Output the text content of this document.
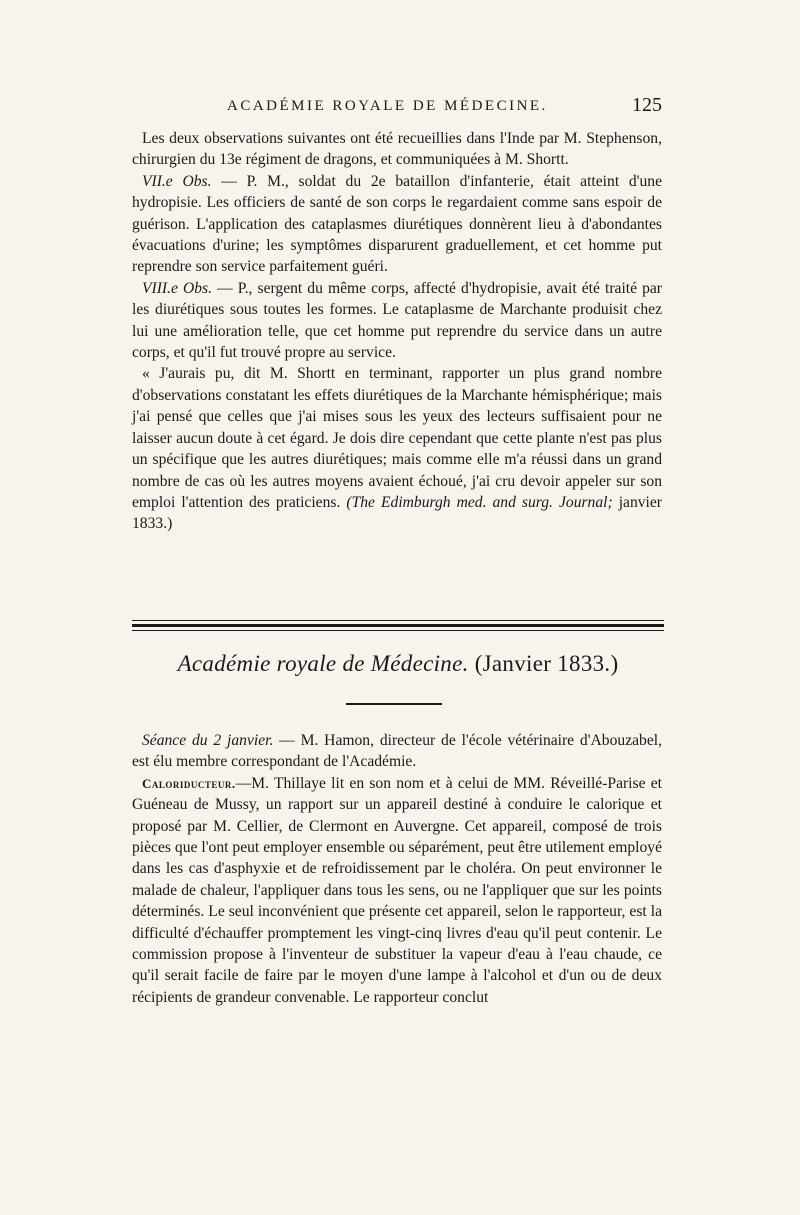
ACADÉMIE ROYALE DE MÉDECINE.	125

Les deux observations suivantes ont été recueillies dans l'Inde par M. Stephenson, chirurgien du 13e régiment de dragons, et communiquées à M. Shortt.

VII.e Obs. — P. M., soldat du 2e bataillon d'infanterie, était atteint d'une hydropisie. Les officiers de santé de son corps le regardaient comme sans espoir de guérison. L'application des cataplasmes diurétiques donnèrent lieu à d'abondantes évacuations d'urine; les symptômes disparurent graduellement, et cet homme put reprendre son service parfaitement guéri.

VIII.e Obs. — P., sergent du même corps, affecté d'hydropisie, avait été traité par les diurétiques sous toutes les formes. Le cataplasme de Marchante produisit chez lui une amélioration telle, que cet homme put reprendre du service dans un autre corps, et qu'il fut trouvé propre au service.

« J'aurais pu, dit M. Shortt en terminant, rapporter un plus grand nombre d'observations constatant les effets diurétiques de la Marchante hémisphérique; mais j'ai pensé que celles que j'ai mises sous les yeux des lecteurs suffisaient pour ne laisser aucun doute à cet égard. Je dois dire cependant que cette plante n'est pas plus un spécifique que les autres diurétiques; mais comme elle m'a réussi dans un grand nombre de cas où les autres moyens avaient échoué, j'ai cru devoir appeler sur son emploi l'attention des praticiens. (The Edimburgh med. and surg. Journal; janvier 1833.)

Académie royale de Médecine. (Janvier 1833.)

Séance du 2 janvier. — M. Hamon, directeur de l'école vétérinaire d'Abouzabel, est élu membre correspondant de l'Académie.

Caloriducteur.—M. Thillaye lit en son nom et à celui de MM. Réveillé-Parise et Guéneau de Mussy, un rapport sur un appareil destiné à conduire le calorique et proposé par M. Cellier, de Clermont en Auvergne. Cet appareil, composé de trois pièces que l'ont peut employer ensemble ou séparément, peut être utilement employé dans les cas d'asphyxie et de refroidissement par le choléra. On peut environner le malade de chaleur, l'appliquer dans tous les sens, ou ne l'appliquer que sur les points déterminés. Le seul inconvénient que présente cet appareil, selon le rapporteur, est la difficulté d'échauffer promptement les vingt-cinq livres d'eau qu'il peut contenir. Le commission propose à l'inventeur de substituer la vapeur d'eau à l'eau chaude, ce qu'il serait facile de faire par le moyen d'une lampe à l'alcohol et d'un ou de deux récipients de grandeur convenable. Le rapporteur conclut
